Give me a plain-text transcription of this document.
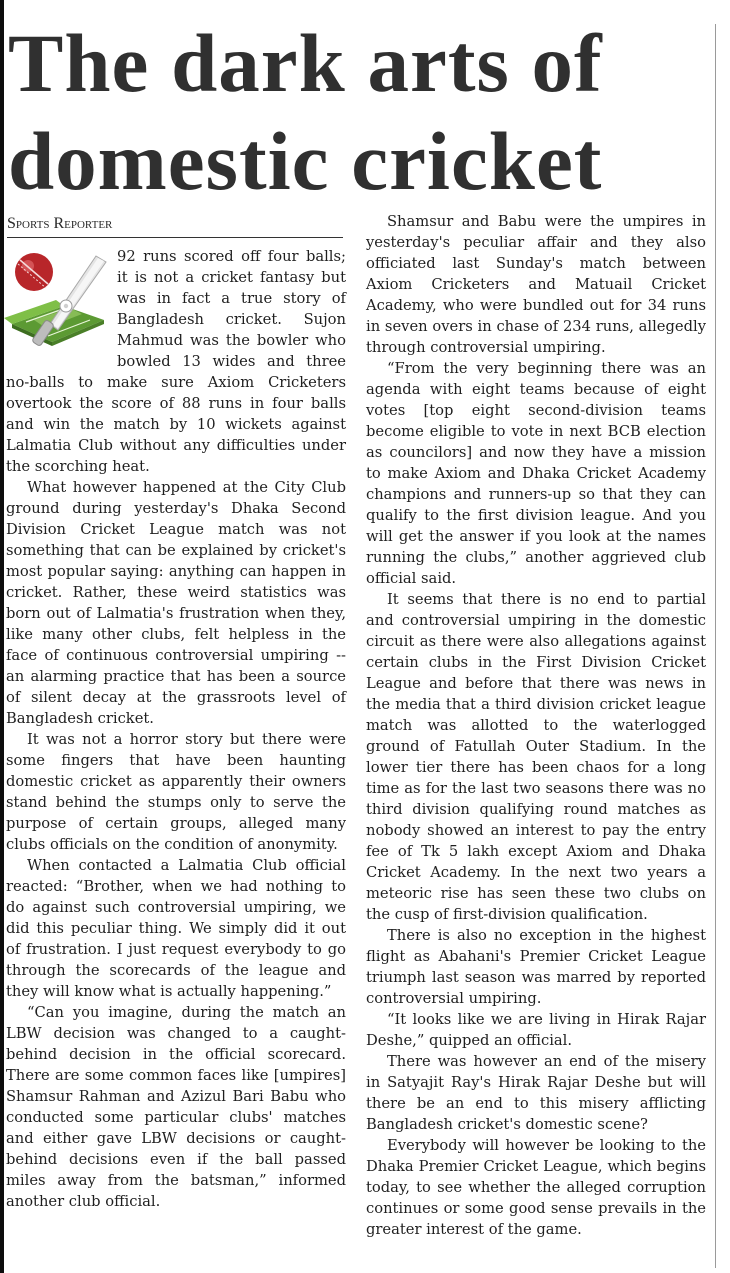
The dark arts of
domestic cricket
Sports Reporter

92 runs scored off four balls; it is not a cricket fantasy but was in fact a true story of Bangladesh cricket. Sujon Mahmud was the bowler who bowled 13 wides and three no-balls to make sure Axiom Cricketers overtook the score of 88 runs in four balls and win the match by 10 wickets against Lalmatia Club without any difficulties under the scorching heat.

What however happened at the City Club ground during yesterday's Dhaka Second Division Cricket League match was not something that can be explained by cricket's most popular saying: anything can happen in cricket. Rather, these weird statistics was born out of Lalmatia's frustration when they, like many other clubs, felt helpless in the face of continuous controversial umpiring -- an alarming practice that has been a source of silent decay at the grassroots level of Bangladesh cricket.

It was not a horror story but there were some fingers that have been haunting domestic cricket as apparently their owners stand behind the stumps only to serve the purpose of certain groups, alleged many clubs officials on the condition of anonymity.

When contacted a Lalmatia Club official reacted: “Brother, when we had nothing to do against such controversial umpiring, we did this peculiar thing. We simply did it out of frustration. I just request everybody to go through the scorecards of the league and they will know what is actually happening.”

“Can you imagine, during the match an LBW decision was changed to a caught-behind decision in the official scorecard. There are some common faces like [umpires] Shamsur Rahman and Azizul Bari Babu who conducted some particular clubs' matches and either gave LBW decisions or caught-behind decisions even if the ball passed miles away from the batsman,” informed another club official.

Shamsur and Babu were the umpires in yesterday's peculiar affair and they also officiated last Sunday's match between Axiom Cricketers and Matuail Cricket Academy, who were bundled out for 34 runs in seven overs in chase of 234 runs, allegedly through controversial umpiring.

“From the very beginning there was an agenda with eight teams because of eight votes [top eight second-division teams become eligible to vote in next BCB election as councilors] and now they have a mission to make Axiom and Dhaka Cricket Academy champions and runners-up so that they can qualify to the first division league. And you will get the answer if you look at the names running the clubs,” another aggrieved club official said.

It seems that there is no end to partial and controversial umpiring in the domestic circuit as there were also allegations against certain clubs in the First Division Cricket League and before that there was news in the media that a third division cricket league match was allotted to the waterlogged ground of Fatullah Outer Stadium. In the lower tier there has been chaos for a long time as for the last two seasons there was no third division qualifying round matches as nobody showed an interest to pay the entry fee of Tk 5 lakh except Axiom and Dhaka Cricket Academy. In the next two years a meteoric rise has seen these two clubs on the cusp of first-division qualification.

There is also no exception in the highest flight as Abahani's Premier Cricket League triumph last season was marred by reported controversial umpiring.

“It looks like we are living in Hirak Rajar Deshe,” quipped an official.

There was however an end of the misery in Satyajit Ray's Hirak Rajar Deshe but will there be an end to this misery afflicting Bangladesh cricket's domestic scene?

Everybody will however be looking to the Dhaka Premier Cricket League, which begins today, to see whether the alleged corruption continues or some good sense prevails in the greater interest of the game.
